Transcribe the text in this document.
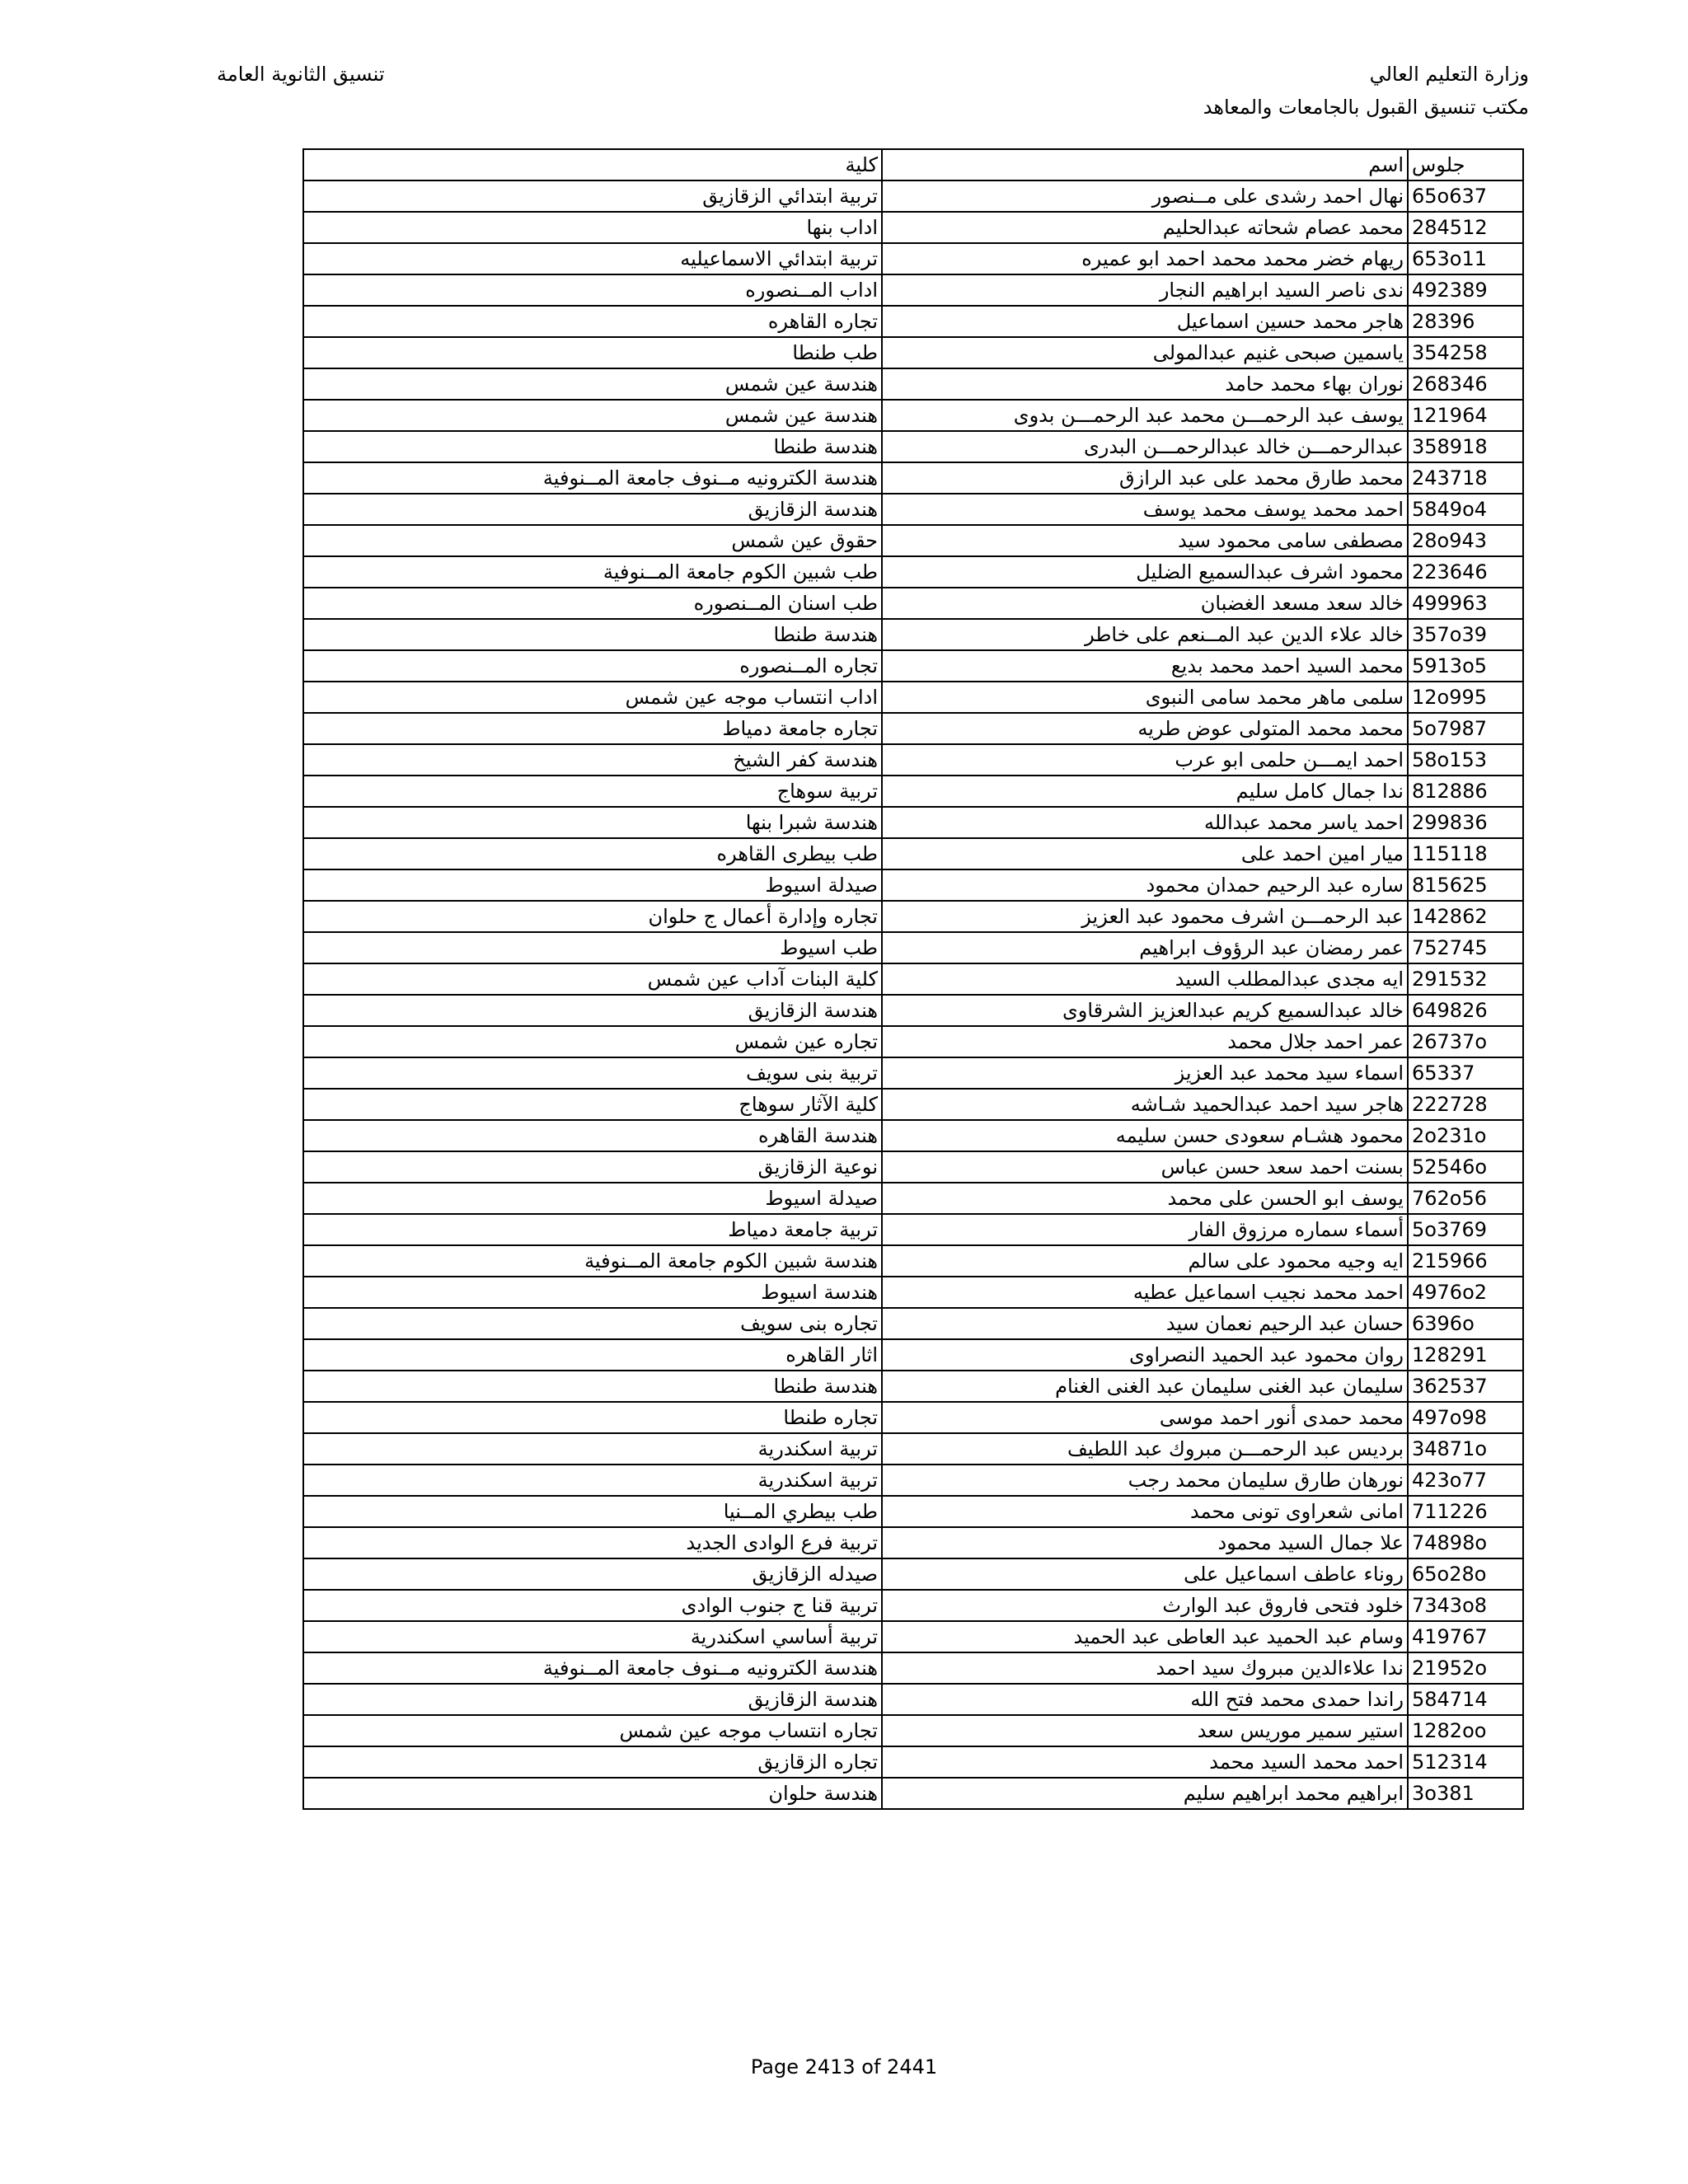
وزارة التعليم العالي
مكتب تنسيق القبول بالجامعات والمعاهد
تنسيق الثانوية العامة
جلوس	اسم	كلية
65o637	نهال احمد رشدى على مــنصور	تربية ابتدائي الزقازيق
284512	محمد عصام شحاته عبدالحليم	اداب بنها
653o11	ريهام خضر محمد محمد احمد ابو عميره	تربية ابتدائي الاسماعيليه
492389	ندى ناصر السيد ابراهيم النجار	اداب المــنصوره
28396	هاجر محمد حسين اسماعيل	تجاره القاهره
354258	ياسمين صبحى غنيم عبدالمولى	طب طنطا
268346	نوران بهاء محمد حامد	هندسة عين شمس
121964	يوسف عبد الرحمـــن محمد عبد الرحمـــن بدوى	هندسة عين شمس
358918	عبدالرحمـــن خالد عبدالرحمـــن البدرى	هندسة طنطا
243718	محمد طارق محمد على عبد الرازق	هندسة الكترونيه مــنوف جامعة المــنوفية
5849o4	احمد محمد يوسف محمد يوسف	هندسة الزقازيق
28o943	مصطفى سامى محمود سيد	حقوق عين شمس
223646	محمود اشرف عبدالسميع الضليل	طب شبين الكوم جامعة المــنوفية
499963	خالد سعد مسعد الغضبان	طب اسنان المــنصوره
357o39	خالد علاء الدين عبد المــنعم على خاطر	هندسة طنطا
5913o5	محمد السيد احمد محمد بديع	تجاره المــنصوره
12o995	سلمى ماهر محمد سامى النبوى	اداب انتساب موجه عين شمس
5o7987	محمد محمد المتولى عوض طريه	تجاره جامعة دمياط
58o153	احمد ايمـــن حلمى ابو عرب	هندسة كفر الشيخ
812886	ندا جمال كامل سليم	تربية سوهاج
299836	احمد ياسر محمد عبدالله	هندسة شبرا بنها
115118	ميار امين احمد على	طب بيطرى القاهره
815625	ساره عبد الرحيم حمدان محمود	صيدلة اسيوط
142862	عبد الرحمـــن اشرف محمود عبد العزيز	تجاره وإدارة أعمال ج حلوان
752745	عمر رمضان عبد الرؤوف ابراهيم	طب اسيوط
291532	ايه مجدى عبدالمطلب السيد	كلية البنات آداب عين شمس
649826	خالد عبدالسميع كريم عبدالعزيز الشرقاوى	هندسة الزقازيق
26737o	عمر احمد جلال محمد	تجاره عين شمس
65337	اسماء سيد محمد عبد العزيز	تربية بنى سويف
222728	هاجر سيد احمد عبدالحميد شـاشه	كلية الآثار سوهاج
2o231o	محمود هشـام سعودى حسن سليمه	هندسة القاهره
52546o	بسنت احمد سعد حسن عباس	نوعية الزقازيق
762o56	يوسف ابو الحسن على محمد	صيدلة اسيوط
5o3769	أسماء سماره مرزوق الفار	تربية جامعة دمياط
215966	ايه وجيه محمود على سالم	هندسة شبين الكوم جامعة المــنوفية
4976o2	احمد محمد نجيب اسماعيل عطيه	هندسة اسيوط
6396o	حسان عبد الرحيم نعمان سيد	تجاره بنى سويف
128291	روان محمود عبد الحميد النصراوى	اثار القاهره
362537	سليمان عبد الغنى سليمان عبد الغنى الغنام	هندسة طنطا
497o98	محمد حمدى أنور احمد موسى	تجاره طنطا
34871o	برديس عبد الرحمـــن مبروك عبد اللطيف	تربية اسكندرية
423o77	نورهان طارق سليمان محمد رجب	تربية اسكندرية
711226	امانى شعراوى تونى محمد	طب بيطري المــنيا
74898o	علا جمال السيد محمود	تربية فرع الوادى الجديد
65o28o	روناء عاطف اسماعيل على	صيدله الزقازيق
7343o8	خلود فتحى فاروق عبد الوارث	تربية قنا ج جنوب الوادى
419767	وسام عبد الحميد عبد العاطى عبد الحميد	تربية أساسي اسكندرية
21952o	ندا علاءالدين مبروك سيد احمد	هندسة الكترونيه مــنوف جامعة المــنوفية
584714	راندا حمدى محمد فتح الله	هندسة الزقازيق
1282oo	استير سمير موريس سعد	تجاره انتساب موجه عين شمس
512314	احمد محمد السيد محمد	تجاره الزقازيق
3o381	ابراهيم محمد ابراهيم سليم	هندسة حلوان
Page 2413 of 2441
